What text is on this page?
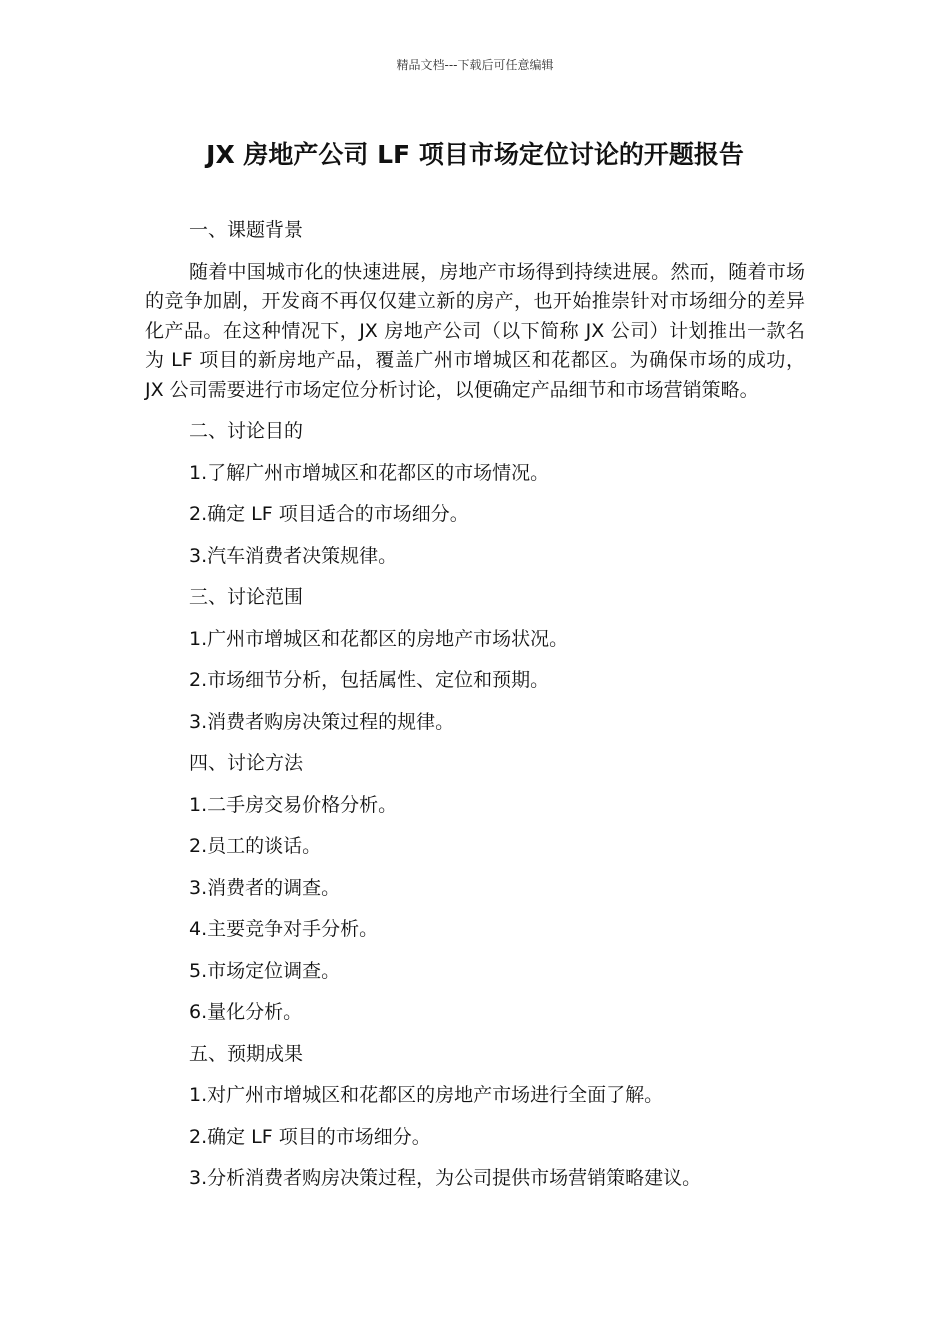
精品文档---下载后可任意编辑
JX 房地产公司 LF 项目市场定位讨论的开题报告
一、课题背景
随着中国城市化的快速进展，房地产市场得到持续进展。然而，随着市场的竞争加剧，开发商不再仅仅建立新的房产，也开始推崇针对市场细分的差异化产品。在这种情况下，JX 房地产公司（以下简称 JX 公司）计划推出一款名为 LF 项目的新房地产品，覆盖广州市增城区和花都区。为确保市场的成功，JX 公司需要进行市场定位分析讨论，以便确定产品细节和市场营销策略。
二、讨论目的
1.了解广州市增城区和花都区的市场情况。
2.确定 LF 项目适合的市场细分。
3.汽车消费者决策规律。
三、讨论范围
1.广州市增城区和花都区的房地产市场状况。
2.市场细节分析，包括属性、定位和预期。
3.消费者购房决策过程的规律。
四、讨论方法
1.二手房交易价格分析。
2.员工的谈话。
3.消费者的调查。
4.主要竞争对手分析。
5.市场定位调查。
6.量化分析。
五、预期成果
1.对广州市增城区和花都区的房地产市场进行全面了解。
2.确定 LF 项目的市场细分。
3.分析消费者购房决策过程，为公司提供市场营销策略建议。
